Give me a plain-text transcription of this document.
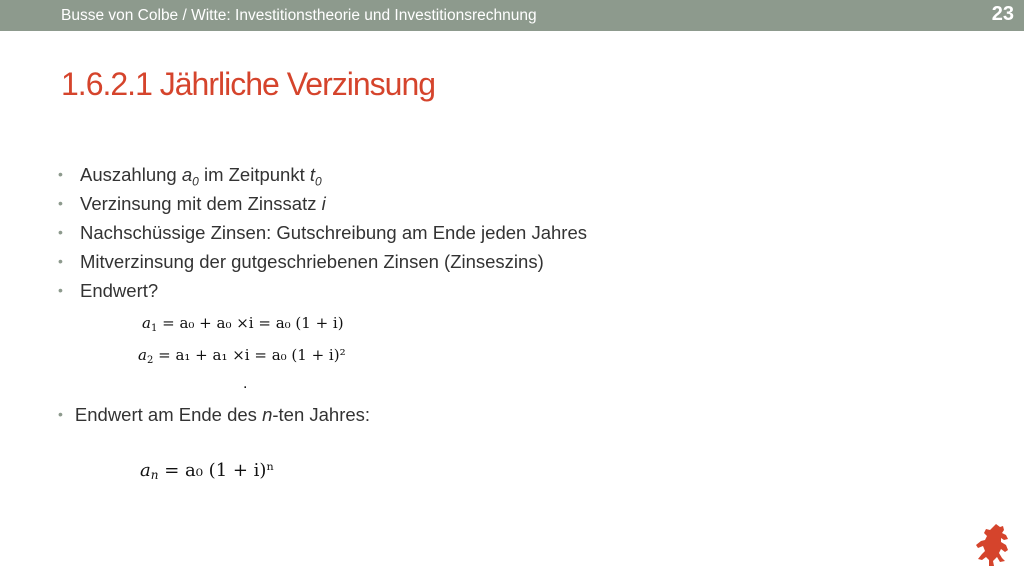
Busse von Colbe / Witte: Investitionstheorie und Investitionsrechnung	23
1.6.2.1 Jährliche Verzinsung
• Auszahlung $a_0$ im Zeitpunkt $t_0$
• Verzinsung mit dem Zinssatz i
• Nachschüssige Zinsen: Gutschreibung am Ende jeden Jahres
• Mitverzinsung der gutgeschriebenen Zinsen (Zinseszins)
• Endwert?
$a_1 = a_0 + a_0 \times i = a_0$ (1 + i)
$a_2 = a_1 + a_1 \times i = a_0$ (1 + i)²
.
• Endwert am Ende des n-ten Jahres:
$a_n = a_0$ (1 + i)ⁿ
